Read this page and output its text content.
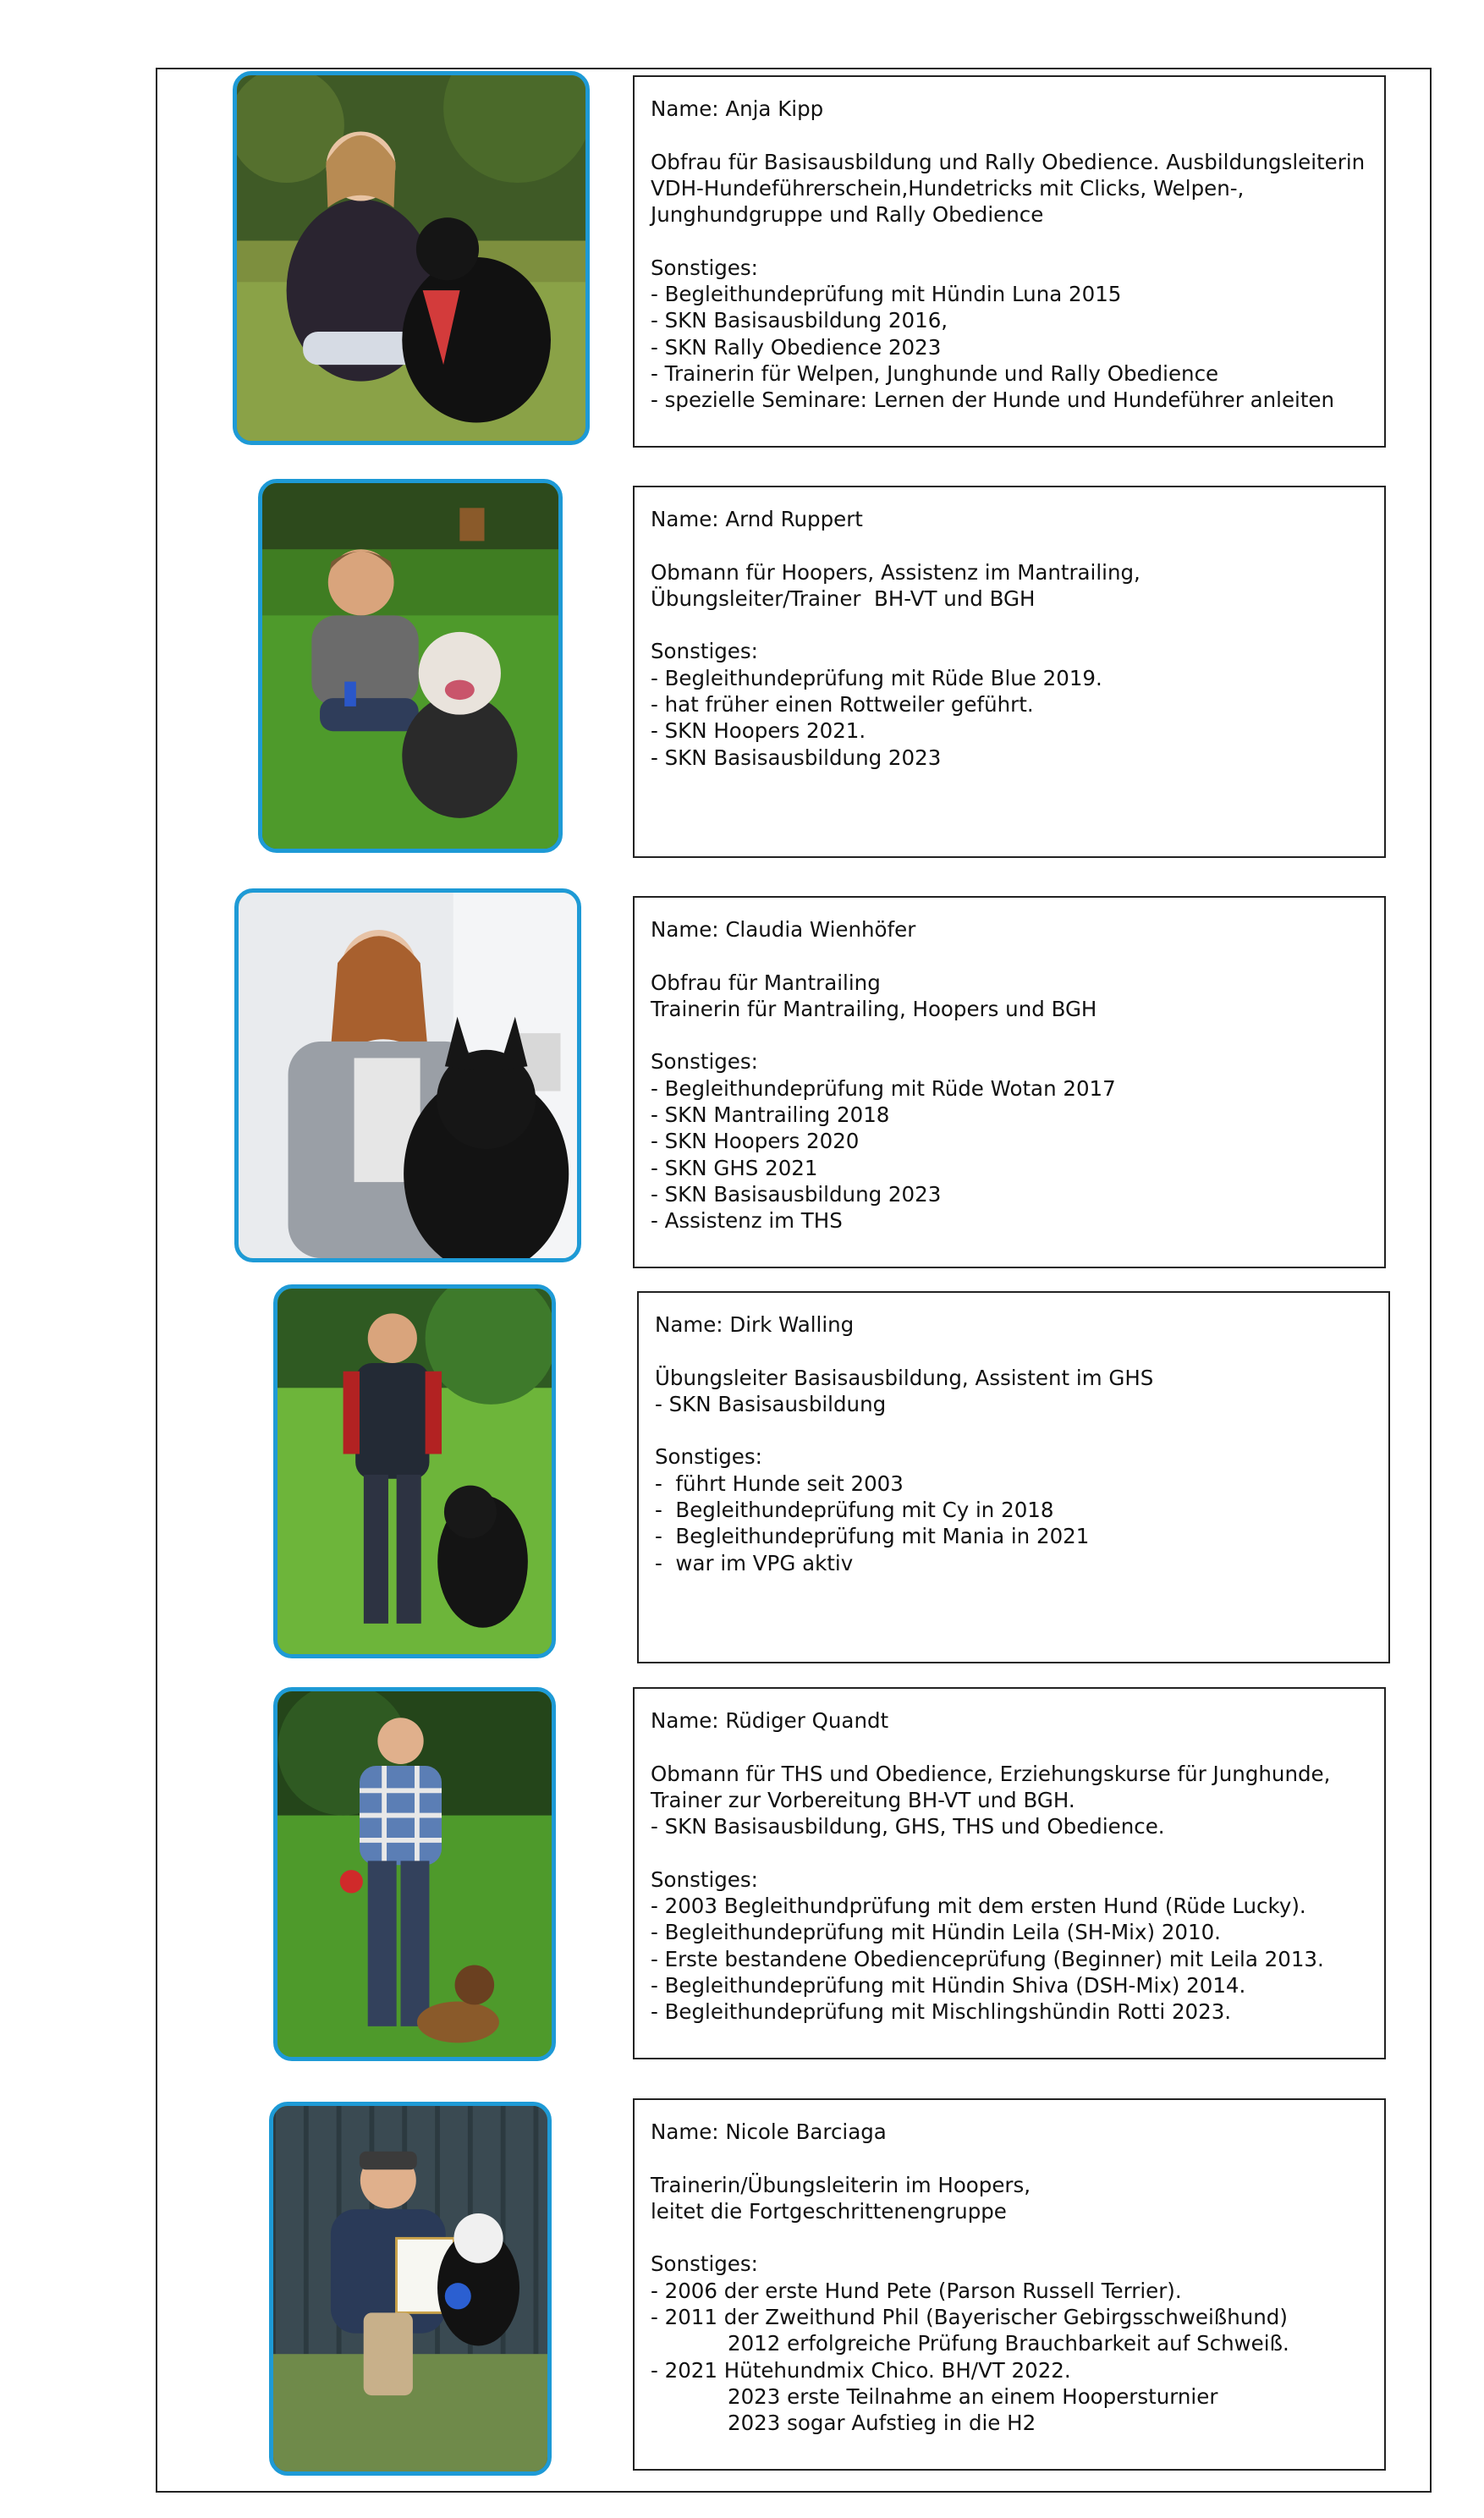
Name: Anja Kipp
Obfrau für Basisausbildung und Rally Obedience. Ausbildungsleiterin
VDH-Hundeführerschein,Hundetricks mit Clicks, Welpen-,
Junghundgruppe und Rally Obedience
Sonstiges:
- Begleithundeprüfung mit Hündin Luna 2015
- SKN Basisausbildung 2016,
- SKN Rally Obedience 2023
- Trainerin für Welpen, Junghunde und Rally Obedience
- spezielle Seminare: Lernen der Hunde und Hundeführer anleiten
Name: Arnd Ruppert
Obmann für Hoopers, Assistenz im Mantrailing,
Übungsleiter/Trainer  BH-VT und BGH
Sonstiges:
- Begleithundeprüfung mit Rüde Blue 2019.
- hat früher einen Rottweiler geführt.
- SKN Hoopers 2021.
- SKN Basisausbildung 2023
Name: Claudia Wienhöfer
Obfrau für Mantrailing
Trainerin für Mantrailing, Hoopers und BGH
Sonstiges:
- Begleithundeprüfung mit Rüde Wotan 2017
- SKN Mantrailing 2018
- SKN Hoopers 2020
- SKN GHS 2021
- SKN Basisausbildung 2023
- Assistenz im THS
Name: Dirk Walling
Übungsleiter Basisausbildung, Assistent im GHS
- SKN Basisausbildung
Sonstiges:
-  führt Hunde seit 2003
-  Begleithundeprüfung mit Cy in 2018
-  Begleithundeprüfung mit Mania in 2021
-  war im VPG aktiv
Name: Rüdiger Quandt
Obmann für THS und Obedience, Erziehungskurse für Junghunde,
Trainer zur Vorbereitung BH-VT und BGH.
- SKN Basisausbildung, GHS, THS und Obedience.
Sonstiges:
- 2003 Begleithundprüfung mit dem ersten Hund (Rüde Lucky).
- Begleithundeprüfung mit Hündin Leila (SH-Mix) 2010.
- Erste bestandene Obedienceprüfung (Beginner) mit Leila 2013.
- Begleithundeprüfung mit Hündin Shiva (DSH-Mix) 2014.
- Begleithundeprüfung mit Mischlingshündin Rotti 2023.
Name: Nicole Barciaga
Trainerin/Übungsleiterin im Hoopers,
leitet die Fortgeschrittenengruppe
Sonstiges:
- 2006 der erste Hund Pete (Parson Russell Terrier).
- 2011 der Zweithund Phil (Bayerischer Gebirgsschweißhund)
2012 erfolgreiche Prüfung Brauchbarkeit auf Schweiß.
- 2021 Hütehundmix Chico. BH/VT 2022.
2023 erste Teilnahme an einem Hoopersturnier
2023 sogar Aufstieg in die H2
